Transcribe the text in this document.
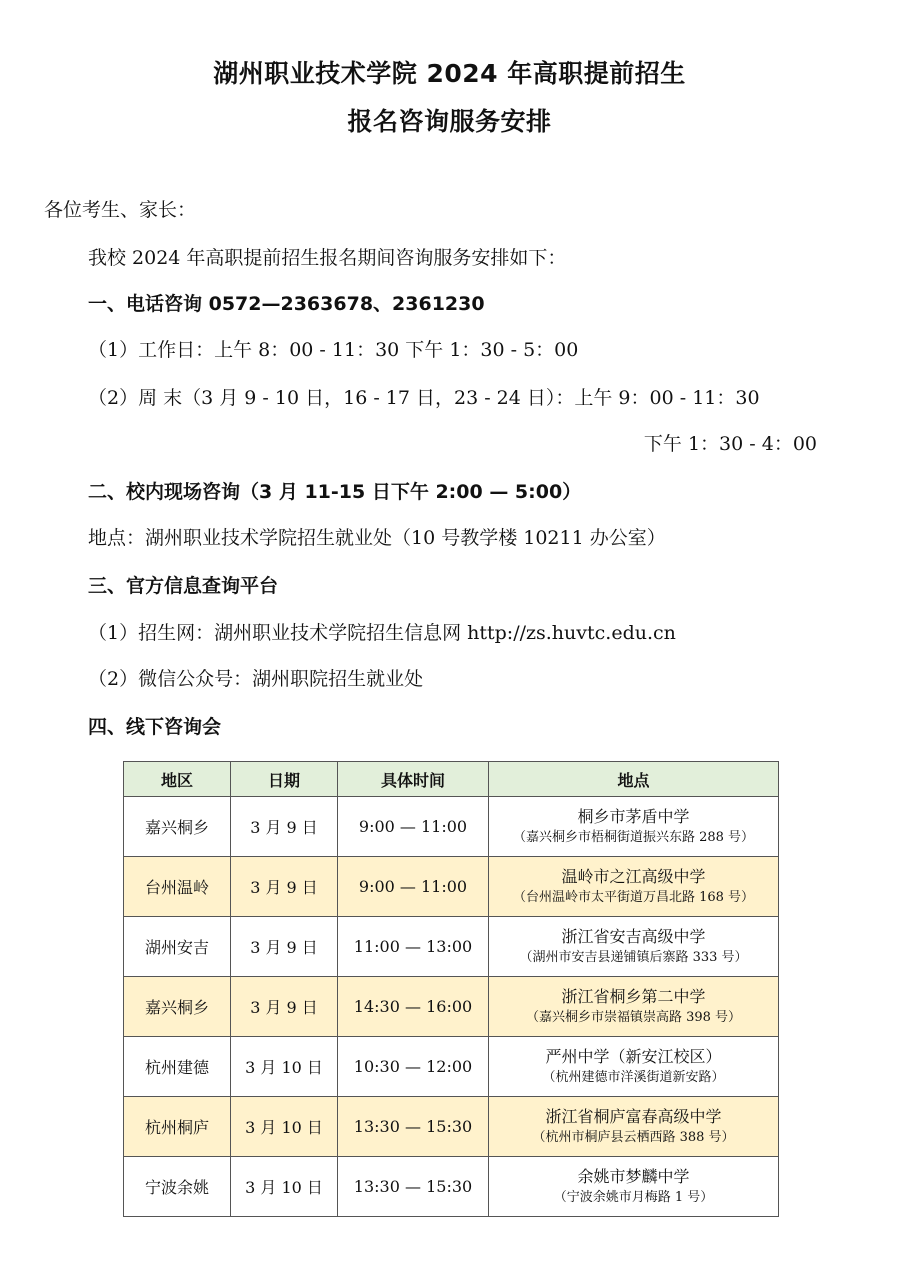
湖州职业技术学院 2024 年高职提前招生
报名咨询服务安排
各位考生、家长：
我校 2024 年高职提前招生报名期间咨询服务安排如下：
一、电话咨询 0572—2363678、2361230
（1）工作日：上午 8：00 - 11：30 下午 1：30 - 5：00
（2）周 末（3 月 9 - 10 日，16 - 17 日，23 - 24 日）：上午 9：00 - 11：30
下午 1：30 - 4：00
二、校内现场咨询（3 月 11-15 日下午 2:00 — 5:00）
地点：湖州职业技术学院招生就业处（10 号教学楼 10211 办公室）
三、官方信息查询平台
（1）招生网：湖州职业技术学院招生信息网 http://zs.huvtc.edu.cn
（2）微信公众号：湖州职院招生就业处
四、线下咨询会
地区	日期	具体时间	地点
嘉兴桐乡	3 月 9 日	9:00 — 11:00	桐乡市茅盾中学
（嘉兴桐乡市梧桐街道振兴东路 288 号）

台州温岭	3 月 9 日	9:00 — 11:00	温岭市之江高级中学
（台州温岭市太平街道万昌北路 168 号）

湖州安吉	3 月 9 日	11:00 — 13:00	浙江省安吉高级中学
（湖州市安吉县递铺镇后寨路 333 号）

嘉兴桐乡	3 月 9 日	14:30 — 16:00	浙江省桐乡第二中学
（嘉兴桐乡市崇福镇崇高路 398 号）

杭州建德	3 月 10 日	10:30 — 12:00	严州中学（新安江校区）
（杭州建德市洋溪街道新安路）

杭州桐庐	3 月 10 日	13:30 — 15:30	浙江省桐庐富春高级中学
（杭州市桐庐县云栖西路 388 号）

宁波余姚	3 月 10 日	13:30 — 15:30	余姚市梦麟中学
（宁波余姚市月梅路 1 号）
